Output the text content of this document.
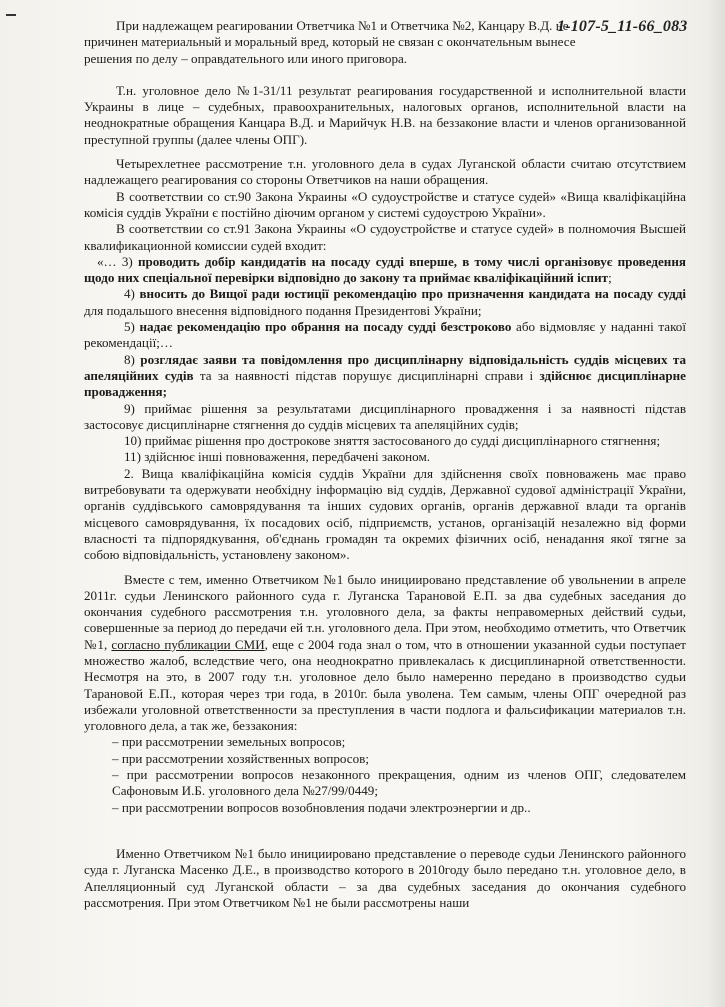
1-107-5_11-66_083

При надлежащем реагировании Ответчика №1 и Ответчика №2, Канцару В.Д. не

причинен материальный и моральный вред, который не связан с окончательным вынесе

решения по делу – оправдательного или иного приговора.

Т.н. уголовное дело №1-31/11 результат реагирования государственной и исполнительной власти Украины в лице – судебных, правоохранительных, налоговых органов, исполнительной власти на неоднократные обращения Канцара В.Д. и Марийчук Н.В. на беззаконие власти и членов организованной преступной группы (далее члены ОПГ).

Четырехлетнее рассмотрение т.н. уголовного дела в судах Луганской области считаю отсутствием надлежащего реагирования со стороны Ответчиков на наши обращения.

В соответствии со ст.90 Закона Украины «О судоустройстве и статусе судей» «Вища кваліфікаційна комісія суддів України є постійно діючим органом у системі судоустрою України».

В соответствии со ст.91 Закона Украины «О судоустройстве и статусе судей» в полномочия Высшей квалификационной комиссии судей входит:

«… 3) проводить добір кандидатів на посаду судді вперше, в тому числі організовує проведення щодо них спеціальної перевірки відповідно до закону та приймає кваліфікаційний іспит;

4) вносить до Вищої ради юстиції рекомендацію про призначення кандидата на посаду судді для подальшого внесення відповідного подання Президентові України;

5) надає рекомендацію про обрання на посаду судді безстроково або відмовляє у наданні такої рекомендації;…

8) розглядає заяви та повідомлення про дисциплінарну відповідальність суддів місцевих та апеляційних судів та за наявності підстав порушує дисциплінарні справи і здійснює дисциплінарне провадження;

9) приймає рішення за результатами дисциплінарного провадження і за наявності підстав застосовує дисциплінарне стягнення до суддів місцевих та апеляційних судів;

10) приймає рішення про дострокове зняття застосованого до судді дисциплінарного стягнення;

11) здійснює інші повноваження, передбачені законом.

2. Вища кваліфікаційна комісія суддів України для здійснення своїх повноважень має право витребовувати та одержувати необхідну інформацію від суддів, Державної судової адміністрації України, органів суддівського самоврядування та інших судових органів, органів державної влади та органів місцевого самоврядування, їх посадових осіб, підприємств, установ, організацій незалежно від форми власності та підпорядкування, об'єднань громадян та окремих фізичних осіб, ненадання якої тягне за собою відповідальність, установлену законом».

Вместе с тем, именно Ответчиком №1 было инициировано представление об увольнении в апреле 2011г. судьи Ленинского районного суда г. Луганска Тарановой Е.П. за два судебных заседания до окончания судебного рассмотрения т.н. уголовного дела, за факты неправомерных действий судьи, совершенные за период до передачи ей т.н. уголовного дела. При этом, необходимо отметить, что Ответчик №1, согласно публикации СМИ, еще с 2004 года знал о том, что в отношении указанной судьи поступает множество жалоб, вследствие чего, она неоднократно привлекалась к дисциплинарной ответственности. Несмотря на это, в 2007 году т.н. уголовное дело было намеренно передано в производство судьи Тарановой Е.П., которая через три года, в 2010г. была уволена. Тем самым, члены ОПГ очередной раз избежали уголовной ответственности за преступления в части подлога и фальсификации материалов т.н. уголовного дела, а так же, беззакония:

– при рассмотрении земельных вопросов;

– при рассмотрении хозяйственных вопросов;

– при рассмотрении вопросов незаконного прекращения, одним из членов ОПГ, следователем Сафоновым И.Б. уголовного дела №27/99/0449;

– при рассмотрении вопросов возобновления подачи электроэнергии и др..

Именно Ответчиком №1 было инициировано представление о переводе судьи Ленинского районного суда г. Луганска Масенко Д.Е., в производство которого в 2010году было передано т.н. уголовное дело, в Апелляционный суд Луганской области – за два судебных заседания до окончания судебного рассмотрения. При этом Ответчиком №1 не были рассмотрены наши
